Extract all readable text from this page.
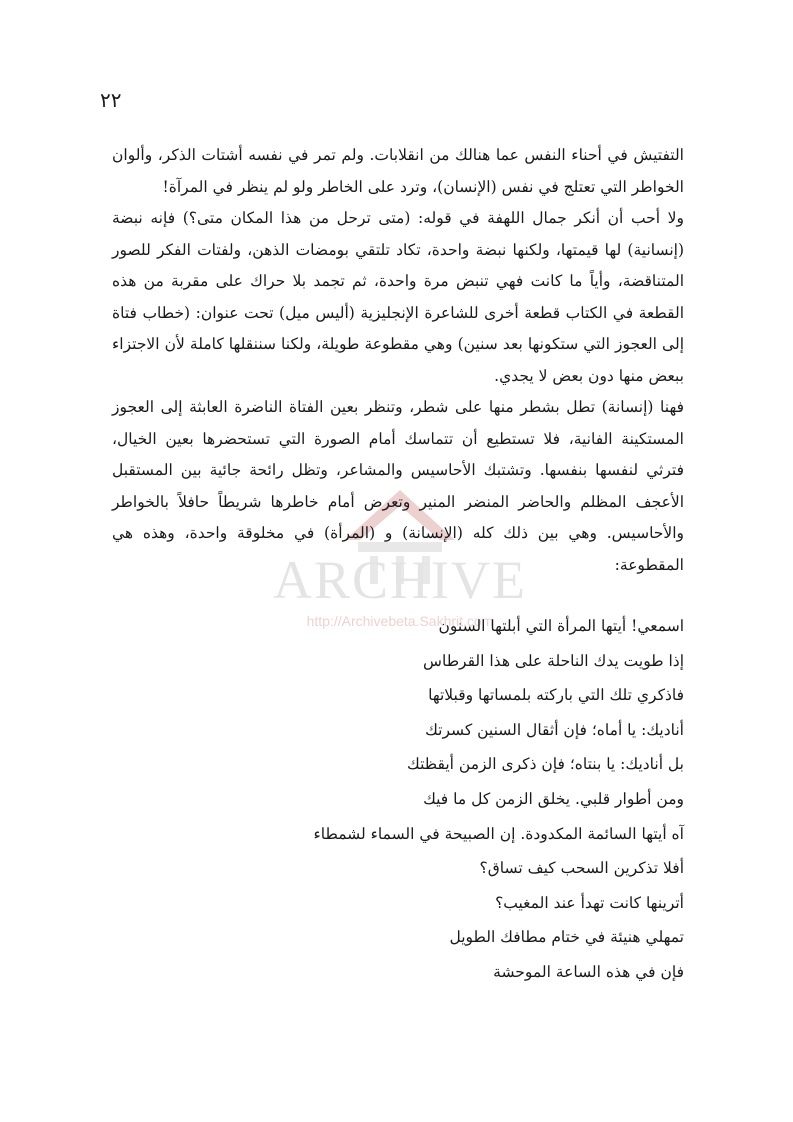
٢٢
ARCHIVE
http://Archivebeta.Sakhrit.com

التفتيش في أحناء النفس عما هنالك من انقلابات. ولم تمر في نفسه أشتات الذكر، وألوان الخواطر التي تعتلج في نفس (الإنسان)، وترد على الخاطر ولو لم ينظر في المرآة!

ولا أحب أن أنكر جمال اللهفة في قوله: (متى ترحل من هذا المكان متى؟) فإنه نبضة (إنسانية) لها قيمتها، ولكنها نبضة واحدة، تكاد تلتقي بومضات الذهن، ولفتات الفكر للصور المتناقضة، وأياً ما كانت فهي تنبض مرة واحدة، ثم تجمد بلا حراك على مقربة من هذه القطعة في الكتاب قطعة أخرى للشاعرة الإنجليزية (أليس ميل) تحت عنوان: (خطاب فتاة إلى العجوز التي ستكونها بعد سنين) وهي مقطوعة طويلة، ولكنا سننقلها كاملة لأن الاجتزاء ببعض منها دون بعض لا يجدي.

فهنا (إنسانة) تطل بشطر منها على شطر، وتنظر بعين الفتاة الناضرة العابثة إلى العجوز المستكينة الفانية، فلا تستطيع أن تتماسك أمام الصورة التي تستحضرها بعين الخيال، فترثي لنفسها بنفسها. وتشتبك الأحاسيس والمشاعر، وتظل رائحة جائية بين المستقبل الأعجف المظلم والحاضر المنضر المنير وتعرض أمام خاطرها شريطاً حافلاً بالخواطر والأحاسيس. وهي بين ذلك كله (الإنسانة) و (المرأة) في مخلوقة واحدة، وهذه هي المقطوعة:

اسمعي! أيتها المرأة التي أبلتها السنون

إذا طويت يدك الناحلة على هذا القرطاس

فاذكري تلك التي باركته بلمساتها وقبلاتها

أناديك: يا أماه؛ فإن أثقال السنين كسرتك

بل أناديك: يا بنتاه؛ فإن ذكرى الزمن أيقظتك

ومن أطوار قلبي. يخلق الزمن كل ما فيك

آه أيتها السائمة المكدودة. إن الصبيحة في السماء لشمطاء

أفلا تذكرين السحب كيف تساق؟

أترينها كانت تهدأ عند المغيب؟

تمهلي هنيئة في ختام مطافك الطويل

فإن في هذه الساعة الموحشة
